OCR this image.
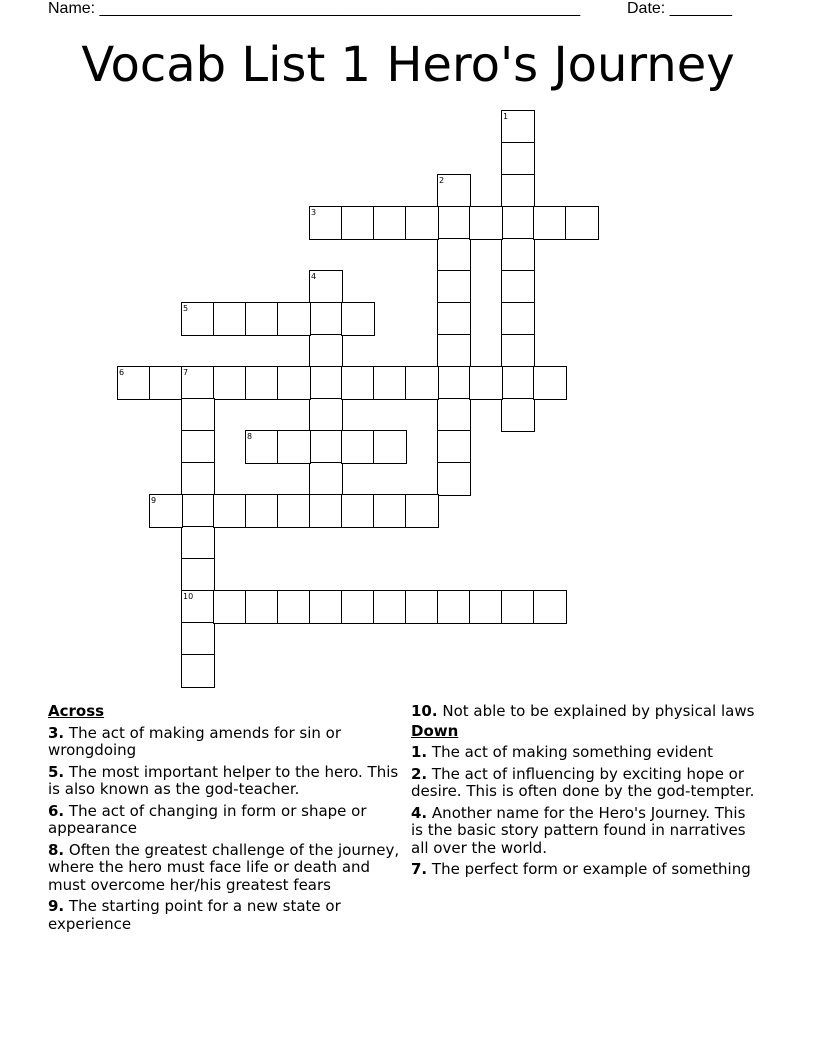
Name: ______________________________________________________	Date: _______
Vocab List 1 Hero's Journey
1
2
3
4
5
6	7
8
9
10

Across

3. The act of making amends for sin or wrongdoing

5. The most important helper to the hero. This is also known as the god-teacher.

6. The act of changing in form or shape or appearance

8. Often the greatest challenge of the journey, where the hero must face life or death and must overcome her/his greatest fears

9. The starting point for a new state or experience

10. Not able to be explained by physical laws

Down

1. The act of making something evident

2. The act of influencing by exciting hope or desire. This is often done by the god-tempter.

4. Another name for the Hero's Journey. This is the basic story pattern found in narratives all over the world.

7. The perfect form or example of something
